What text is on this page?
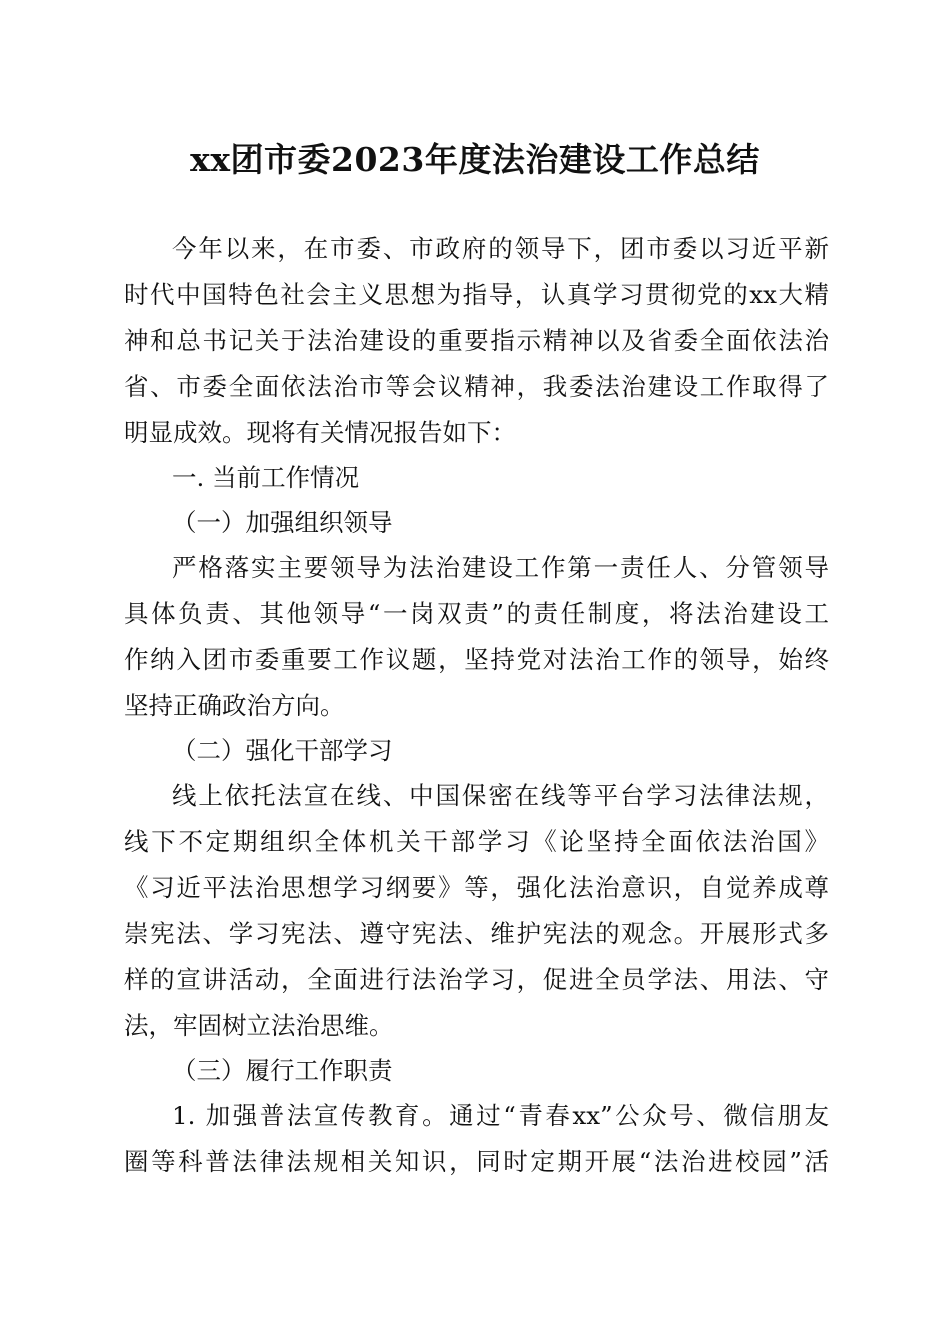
xx团市委2023年度法治建设工作总结

今年以来，在市委、市政府的领导下，团市委以习近平新

时代中国特色社会主义思想为指导，认真学习贯彻党的xx大精

神和总书记关于法治建设的重要指示精神以及省委全面依法治

省、市委全面依法治市等会议精神，我委法治建设工作取得了

明显成效。现将有关情况报告如下：

一. 当前工作情况

（一）加强组织领导

严格落实主要领导为法治建设工作第一责任人、分管领导

具体负责、其他领导“一岗双责”的责任制度，将法治建设工

作纳入团市委重要工作议题，坚持党对法治工作的领导，始终

坚持正确政治方向。

（二）强化干部学习

线上依托法宣在线、中国保密在线等平台学习法律法规，

线下不定期组织全体机关干部学习《论坚持全面依法治国》

《习近平法治思想学习纲要》等，强化法治意识，自觉养成尊

崇宪法、学习宪法、遵守宪法、维护宪法的观念。开展形式多

样的宣讲活动，全面进行法治学习，促进全员学法、用法、守

法，牢固树立法治思维。

（三）履行工作职责

1. 加强普法宣传教育。通过“青春xx”公众号、微信朋友

圈等科普法律法规相关知识，同时定期开展“法治进校园”活
